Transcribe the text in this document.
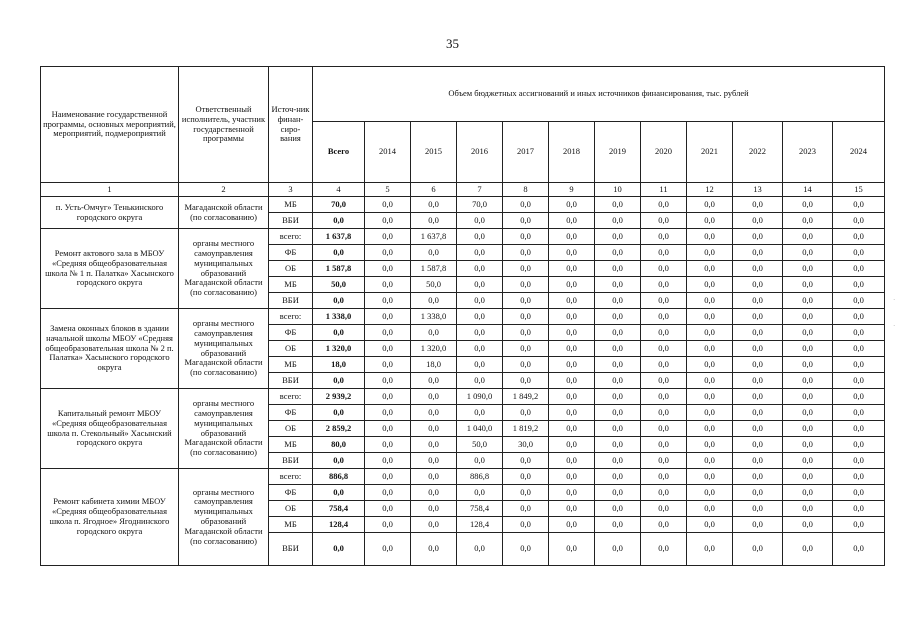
35
Наименование государственной программы, основных мероприятий, мероприятий, подмероприятий	Ответственный исполнитель, участник государственной программы	Источ-ник финан-сиро-вания	Объем бюджетных ассигнований и иных источников финансирования, тыс. рублей											
			Всего	2014	2015	2016	2017	2018	2019	2020	2021	2022	2023	2024
1	2	3	4	5	6	7	8	9	10	11	12	13	14	15
п. Усть-Омчуг» Тенькинского городского округа	Магаданской области (по согласованию)	МБ	70,0	0,0	0,0	70,0	0,0	0,0	0,0	0,0	0,0	0,0	0,0	0,0
		ВБИ	0,0	0,0	0,0	0,0	0,0	0,0	0,0	0,0	0,0	0,0	0,0	0,0
Ремонт актового зала в МБОУ «Средняя общеобразовательная школа № 1 п. Палатка» Хасынского городского округа	органы местного самоуправления муниципальных образований Магаданской области (по согласованию)	всего:	1 637,8	0,0	1 637,8	0,0	0,0	0,0	0,0	0,0	0,0	0,0	0,0	0,0
		ФБ	0,0	0,0	0,0	0,0	0,0	0,0	0,0	0,0	0,0	0,0	0,0	0,0
		ОБ	1 587,8	0,0	1 587,8	0,0	0,0	0,0	0,0	0,0	0,0	0,0	0,0	0,0
		МБ	50,0	0,0	50,0	0,0	0,0	0,0	0,0	0,0	0,0	0,0	0,0	0,0
		ВБИ	0,0	0,0	0,0	0,0	0,0	0,0	0,0	0,0	0,0	0,0	0,0	0,0
Замена оконных блоков в здании начальной школы МБОУ «Средняя общеобразовательная школа № 2 п. Палатка» Хасынского городского округа	органы местного самоуправления муниципальных образований Магаданской области (по согласованию)	всего:	1 338,0	0,0	1 338,0	0,0	0,0	0,0	0,0	0,0	0,0	0,0	0,0	0,0
		ФБ	0,0	0,0	0,0	0,0	0,0	0,0	0,0	0,0	0,0	0,0	0,0	0,0
		ОБ	1 320,0	0,0	1 320,0	0,0	0,0	0,0	0,0	0,0	0,0	0,0	0,0	0,0
		МБ	18,0	0,0	18,0	0,0	0,0	0,0	0,0	0,0	0,0	0,0	0,0	0,0
		ВБИ	0,0	0,0	0,0	0,0	0,0	0,0	0,0	0,0	0,0	0,0	0,0	0,0
Капитальный ремонт МБОУ «Средняя общеобразовательная школа п. Стекольный» Хасынский городского округа	органы местного самоуправления муниципальных образований Магаданской области (по согласованию)	всего:	2 939,2	0,0	0,0	1 090,0	1 849,2	0,0	0,0	0,0	0,0	0,0	0,0	0,0
		ФБ	0,0	0,0	0,0	0,0	0,0	0,0	0,0	0,0	0,0	0,0	0,0	0,0
		ОБ	2 859,2	0,0	0,0	1 040,0	1 819,2	0,0	0,0	0,0	0,0	0,0	0,0	0,0
		МБ	80,0	0,0	0,0	50,0	30,0	0,0	0,0	0,0	0,0	0,0	0,0	0,0
		ВБИ	0,0	0,0	0,0	0,0	0,0	0,0	0,0	0,0	0,0	0,0	0,0	0,0
Ремонт кабинета химии МБОУ «Средняя общеобразовательная школа п. Ягодное» Ягоднинского городского округа	органы местного самоуправления муниципальных образований Магаданской области (по согласованию)	всего:	886,8	0,0	0,0	886,8	0,0	0,0	0,0	0,0	0,0	0,0	0,0	0,0
		ФБ	0,0	0,0	0,0	0,0	0,0	0,0	0,0	0,0	0,0	0,0	0,0	0,0
		ОБ	758,4	0,0	0,0	758,4	0,0	0,0	0,0	0,0	0,0	0,0	0,0	0,0
		МБ	128,4	0,0	0,0	128,4	0,0	0,0	0,0	0,0	0,0	0,0	0,0	0,0
		ВБИ	0,0	0,0	0,0	0,0	0,0	0,0	0,0	0,0	0,0	0,0	0,0	0,0
·
·
